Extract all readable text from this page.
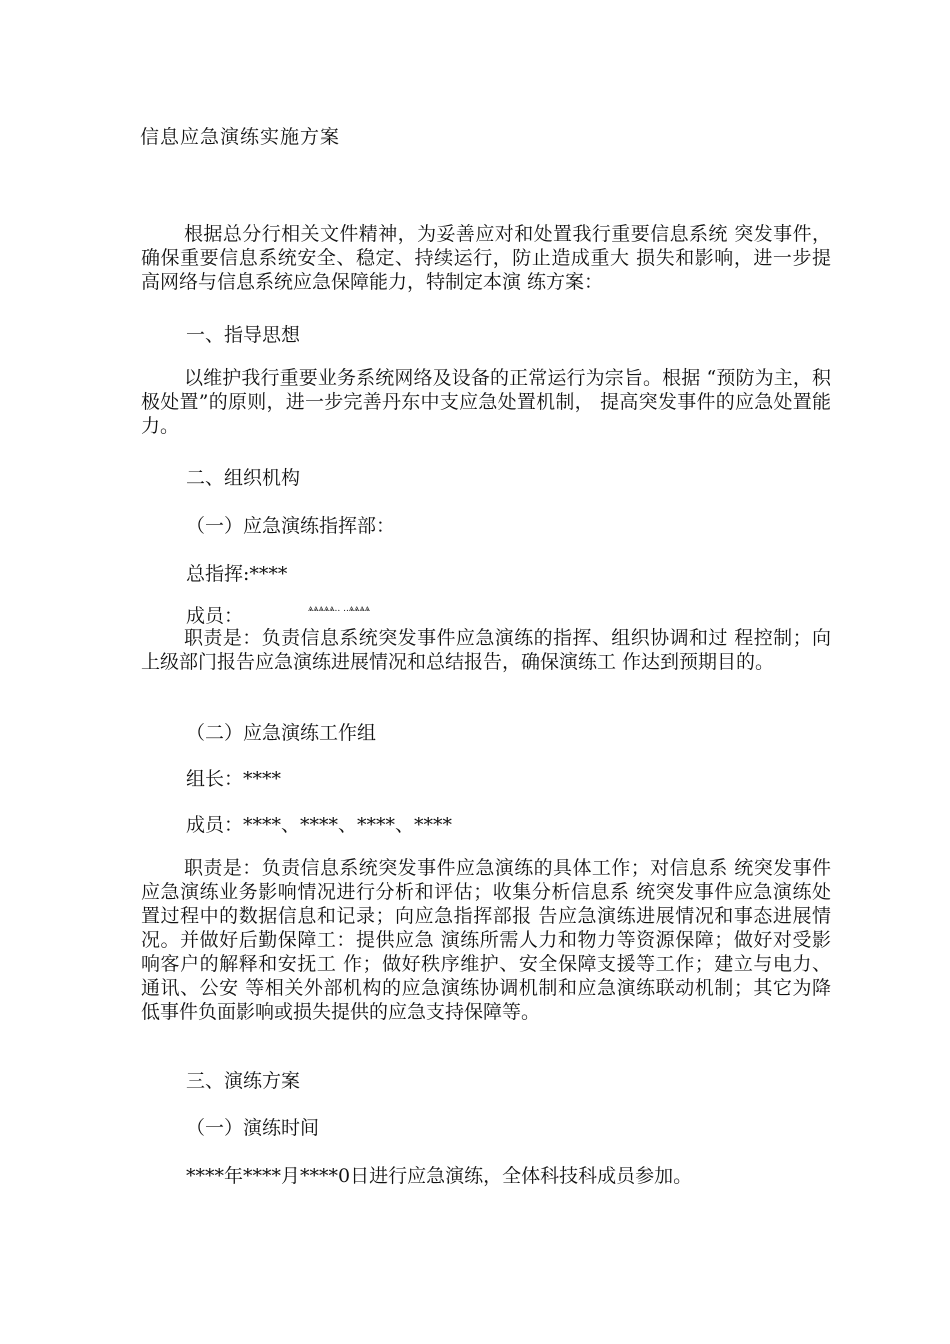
信息应急演练实施方案
根据总分行相关文件精神，为妥善应对和处置我行重要信息系统 突发事件，确保重要信息系统安全、稳定、持续运行，防止造成重大 损失和影响，进一步提高网络与信息系统应急保障能力，特制定本演 练方案：
一、指导思想
以维护我行重要业务系统网络及设备的正常运行为宗旨。根据 “预防为主，积极处置”的原则，进一步完善丹东中支应急处置机制， 提高突发事件的应急处置能力。
二、组织机构
（一）应急演练指挥部：
总指挥:****
成员：	ѧѧѧѧѧ.. ..ѧѧѧѧ
职责是：负责信息系统突发事件应急演练的指挥、组织协调和过 程控制；向上级部门报告应急演练进展情况和总结报告，确保演练工 作达到预期目的。
（二）应急演练工作组
组长：****
成员：****、****、****、****
职责是：负责信息系统突发事件应急演练的具体工作；对信息系 统突发事件应急演练业务影响情况进行分析和评估；收集分析信息系 统突发事件应急演练处置过程中的数据信息和记录；向应急指挥部报 告应急演练进展情况和事态进展情况。并做好后勤保障工：提供应急 演练所需人力和物力等资源保障；做好对受影响客户的解释和安抚工 作；做好秩序维护、安全保障支援等工作；建立与电力、通讯、公安 等相关外部机构的应急演练协调机制和应急演练联动机制；其它为降 低事件负面影响或损失提供的应急支持保障等。
三、演练方案
（一）演练时间
****年****月****0日进行应急演练，全体科技科成员参加。
